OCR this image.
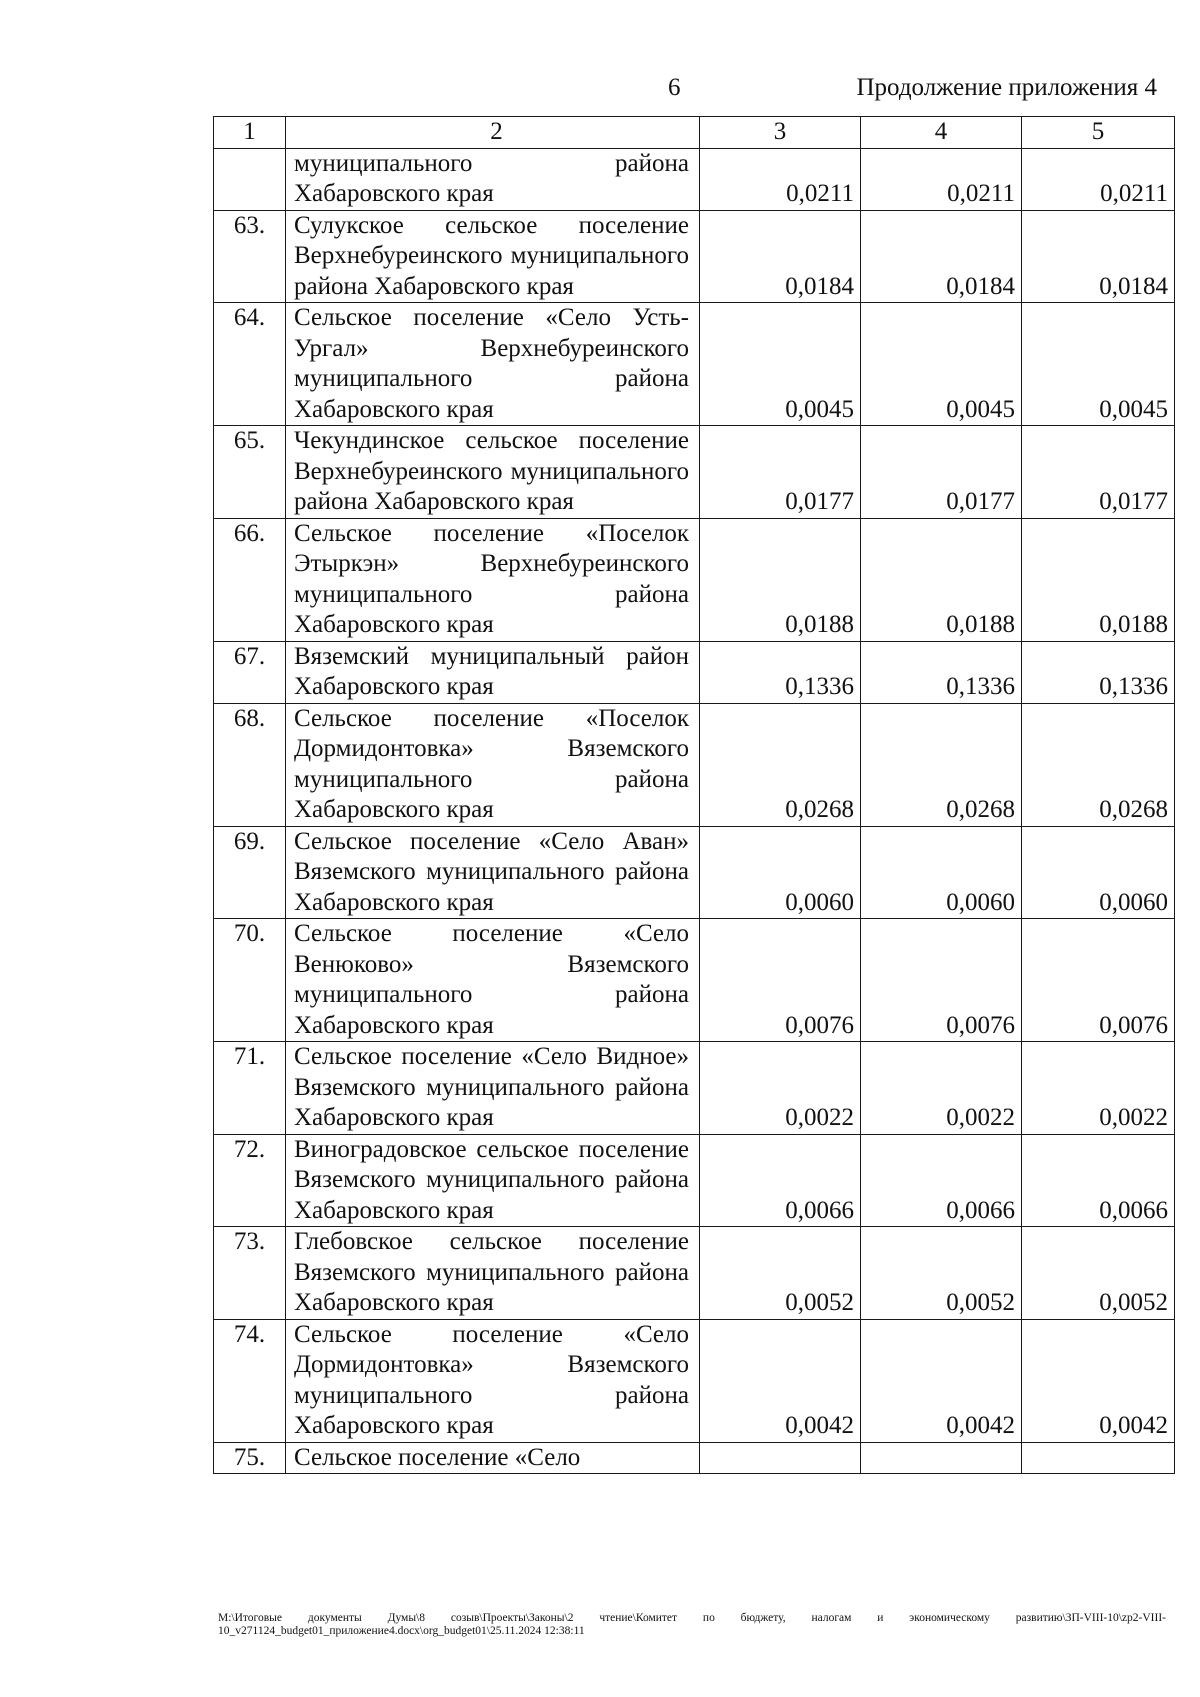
6	Продолжение приложения 4
1	2	3	4	5
	муниципального района Хабаровского края	0,0211	0,0211	0,0211
63.	Сулукское сельское поселение Верхнебуреинского муниципального района Хабаровского края	0,0184	0,0184	0,0184
64.	Сельское поселение «Село Усть-Ургал» Верхнебуреинского муниципального района Хабаровского края	0,0045	0,0045	0,0045
65.	Чекундинское сельское поселение Верхнебуреинского муниципального района Хабаровского края	0,0177	0,0177	0,0177
66.	Сельское поселение «Поселок Этыркэн» Верхнебуреинского муниципального района Хабаровского края	0,0188	0,0188	0,0188
67.	Вяземский муниципальный район Хабаровского края	0,1336	0,1336	0,1336
68.	Сельское поселение «Поселок Дормидонтовка» Вяземского муниципального района Хабаровского края	0,0268	0,0268	0,0268
69.	Сельское поселение «Село Аван» Вяземского муниципального района Хабаровского края	0,0060	0,0060	0,0060
70.	Сельское поселение «Село Венюково» Вяземского муниципального района Хабаровского края	0,0076	0,0076	0,0076
71.	Сельское поселение «Село Видное» Вяземского муниципального района Хабаровского края	0,0022	0,0022	0,0022
72.	Виноградовское сельское поселение Вяземского муниципального района Хабаровского края	0,0066	0,0066	0,0066
73.	Глебовское сельское поселение Вяземского муниципального района Хабаровского края	0,0052	0,0052	0,0052
74.	Сельское поселение «Село Дормидонтовка» Вяземского муниципального района Хабаровского края	0,0042	0,0042	0,0042
75.	Сельское поселение «Село			
M:\Итоговые документы Думы\8 созыв\Проекты\Законы\2 чтение\Комитет по бюджету, налогам и экономическому развитию\ЗП-VIII-10\zp2-VIII-10_v271124_budget01_приложение4.docx\org_budget01\25.11.2024 12:38:11
